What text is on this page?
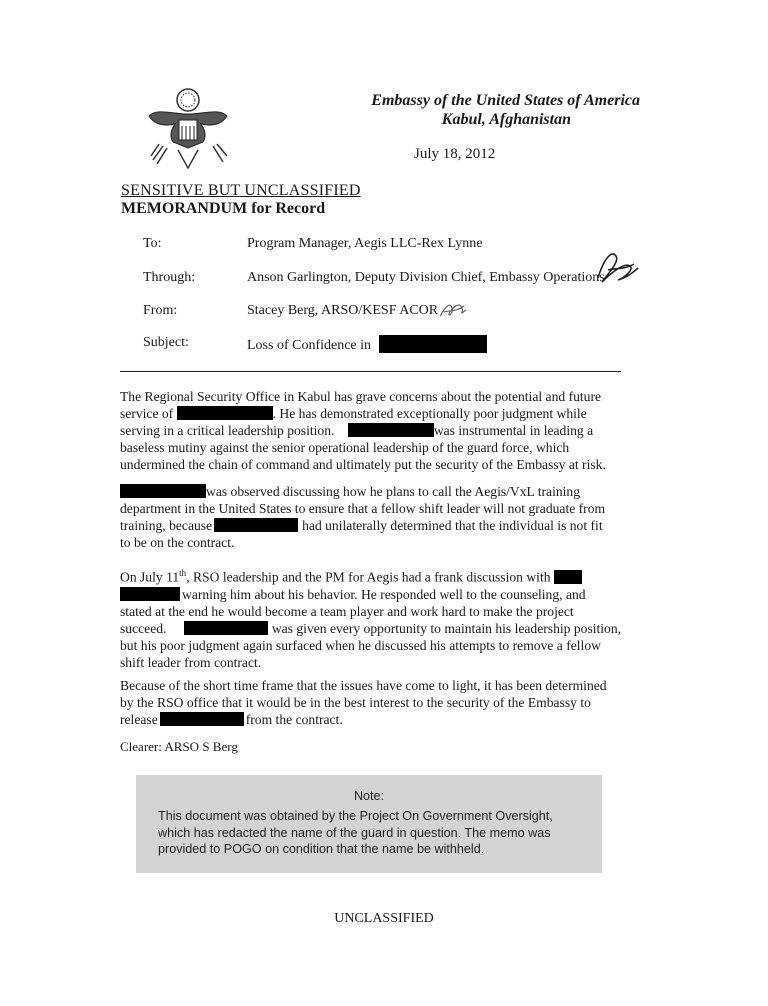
Embassy of the United States of America
Kabul, Afghanistan
July 18, 2012
SENSITIVE BUT UNCLASSIFIED
MEMORANDUM for Record
To:	Program Manager, Aegis LLC-Rex Lynne
Through:	Anson Garlington, Deputy Division Chief, Embassy Operations
From:	Stacey Berg, ARSO/KESF ACOR
Subject:	Loss of Confidence in
The Regional Security Office in Kabul has grave concerns about the potential and future
service of	. He has demonstrated exceptionally poor judgment while
serving in a critical leadership position.	was instrumental in leading a
baseless mutiny against the senior operational leadership of the guard force, which
undermined the chain of command and ultimately put the security of the Embassy at risk.
was observed discussing how he plans to call the Aegis/VxL training
department in the United States to ensure that a fellow shift leader will not graduate from
training, because	had unilaterally determined that the individual is not fit
to be on the contract.
On July 11th, RSO leadership and the PM for Aegis had a frank discussion with
warning him about his behavior. He responded well to the counseling, and
stated at the end he would become a team player and work hard to make the project
succeed.	was given every opportunity to maintain his leadership position,
but his poor judgment again surfaced when he discussed his attempts to remove a fellow
shift leader from contract.
Because of the short time frame that the issues have come to light, it has been determined
by the RSO office that it would be in the best interest to the security of the Embassy to
release	from the contract.
Clearer: ARSO S Berg
Note:
This document was obtained by the Project On Government Oversight,
which has redacted the name of the guard in question. The memo was
provided to POGO on condition that the name be withheld.
UNCLASSIFIED
